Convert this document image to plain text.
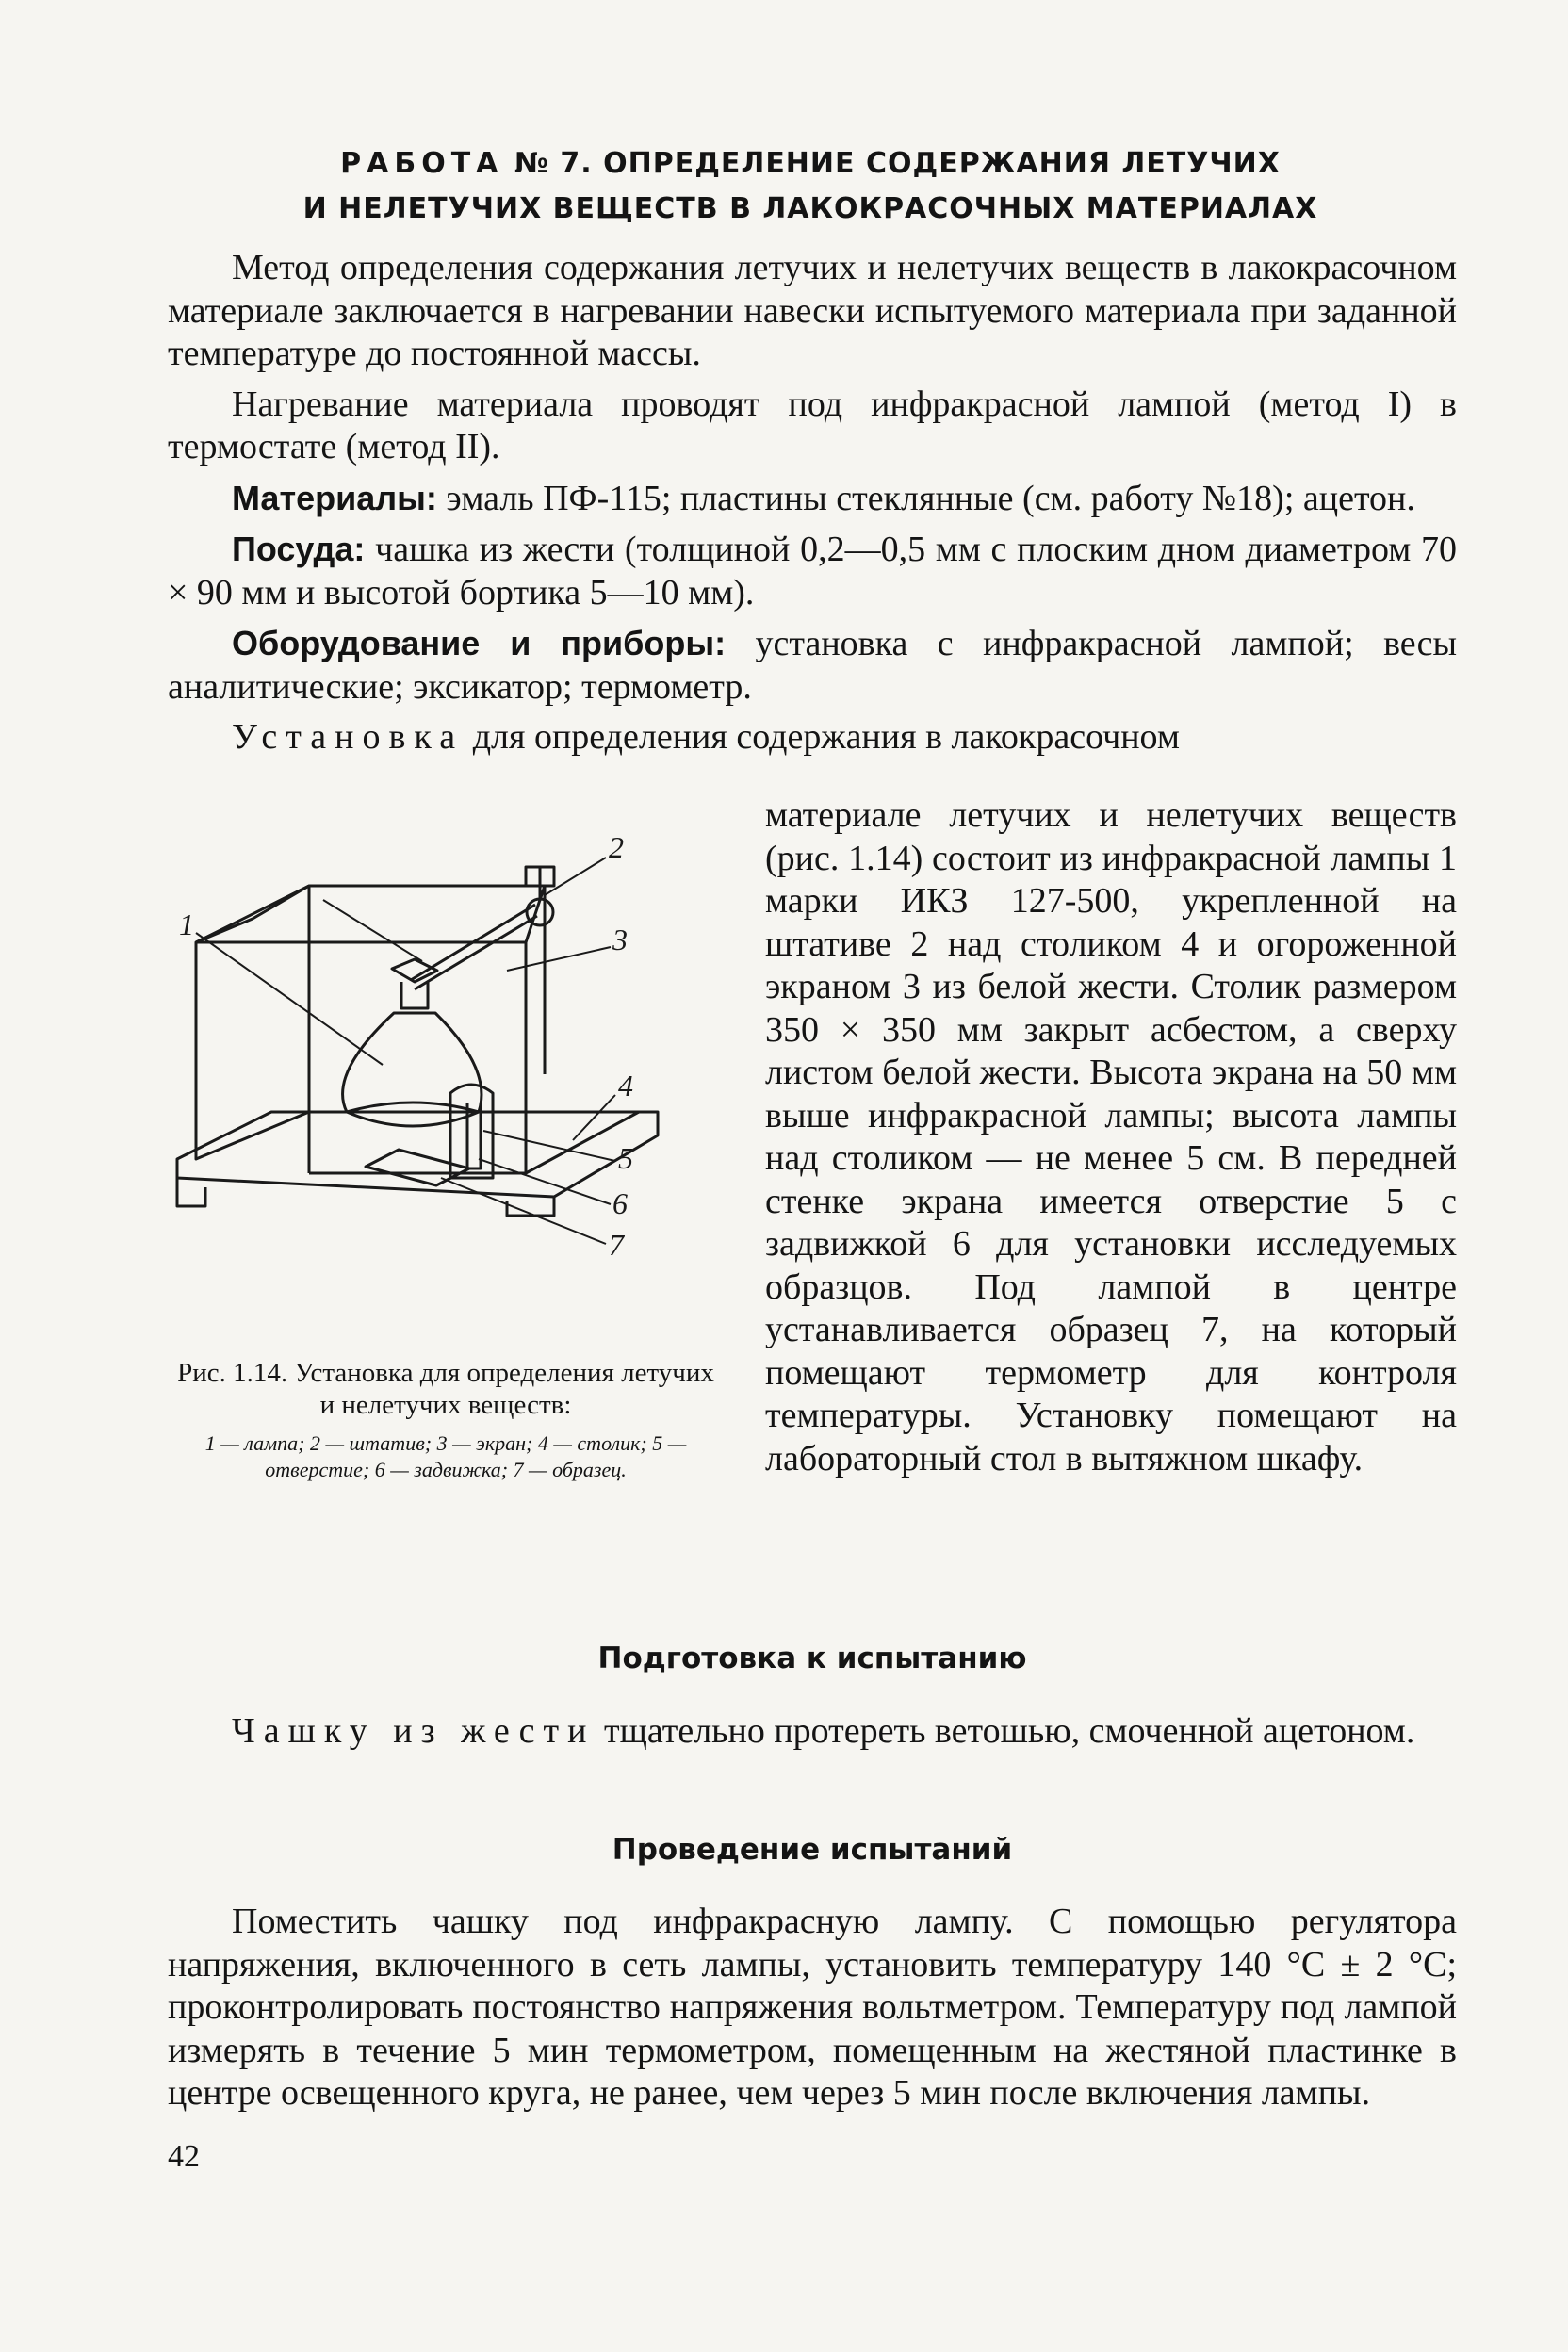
РАБОТА № 7. ОПРЕДЕЛЕНИЕ СОДЕРЖАНИЯ ЛЕТУЧИХ
И НЕЛЕТУЧИХ ВЕЩЕСТВ В ЛАКОКРАСОЧНЫХ МАТЕРИАЛАХ

Метод определения содержания летучих и нелетучих веществ в лакокрасочном материале заключается в нагревании навески испытуемого материала при заданной температуре до постоянной массы.

Нагревание материала проводят под инфракрасной лампой (метод I) в термостате (метод II).

Материалы: эмаль ПФ-115; пластины стеклянные (см. работу №18); ацетон.

Посуда: чашка из жести (толщиной 0,2—0,5 мм с плоским дном диаметром 70 × 90 мм и высотой бортика 5—10 мм).

Оборудование и приборы: установка с инфракрасной лампой; весы аналитические; эксикатор; термометр.

Установка для определения содержания в лакокрасочном

материале летучих и нелетучих веществ (рис. 1.14) состоит из инфракрасной лампы 1 марки ИКЗ 127-500, укрепленной на штативе 2 над столиком 4 и огороженной экраном 3 из белой жести. Столик размером 350 × 350 мм закрыт асбестом, а сверху листом белой жести. Высота экрана на 50 мм выше инфракрасной лампы; высота лампы над столиком — не менее 5 см. В передней стенке экрана имеется отверстие 5 с задвижкой 6 для установки исследуемых образцов. Под лампой в центре устанавливается образец 7, на который помещают термометр для контроля температуры. Установку помещают на лабораторный стол в вытяжном шкафу.

1
2
3
4
5
6
7
Рис. 1.14. Установка для определения летучих и нелетучих веществ:
1 — лампа; 2 — штатив; 3 — экран; 4 — столик; 5 — отверстие; 6 — задвижка; 7 — образец.
Подготовка к испытанию

Чашку из жести тщательно протереть ветошью, смоченной ацетоном.

Проведение испытаний

Поместить чашку под инфракрасную лампу. С помощью регулятора напряжения, включенного в сеть лампы, установить температуру 140 °C ± 2 °C; проконтролировать постоянство напряжения вольтметром. Температуру под лампой измерять в течение 5 мин термометром, помещенным на жестяной пластинке в центре освещенного круга, не ранее, чем через 5 мин после включения лампы.

42
